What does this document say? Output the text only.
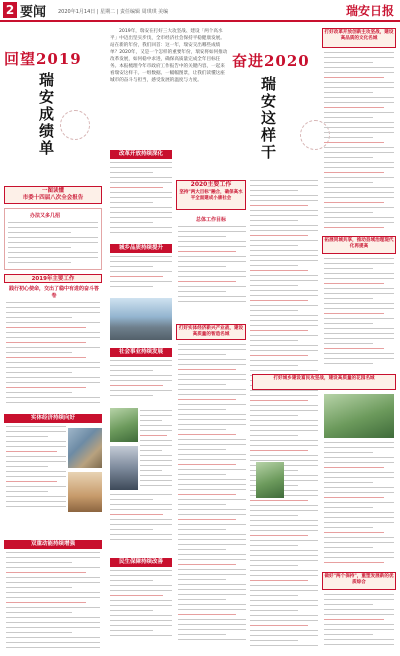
2 要闻 2020年1月14日 | 星期二 | 责任编辑 周琪琪 美编	瑞安日报
回望2019
瑞安成绩单
奋进2020
瑞安这样干
2019年，瑞安在打好三大攻坚战、建设「两个高水平」中迈出坚实步伐，全市经济社会保持平稳健康发展。站在新的年份，我们回首：这一年，瑞安交出哪些成绩单？2020年，又是一个怎样的重要年份，瑞安将如何推动改革发展，如何稳中求进，确保高质量完成全年目标任务。本报梳理今年市政府工作报告中的关键内容，一起来看瑞安这样干。一组数据、一幅幅图景，让我们读懂这座城市的奋斗与担当，感受发展的温度与力度。
一图读懂
市委十四届八次全会报告
办法又多几招
2019年主要工作
践行初心使命，交出了稳中有进的奋斗答卷
实体经济持续向好
双重动能持续增强
改革开放持续深化
城乡品质持续提升
社会事业持续发展
民生保障持续改善
2020主要工作
坚持"两大目标"融合，确保高水平全面建成小康社会
总体工作目标
打好实体经济新兴产业战，建设高质量的智造名城
打好改革开放创新主攻坚战，建设高品质的文化名城
拓展同城共享，推动县域治理现代化再提高
打好城乡建设富民攻坚战，建设高质量的花园名城
做好"两个保持"，重塑发展新的优质综合
